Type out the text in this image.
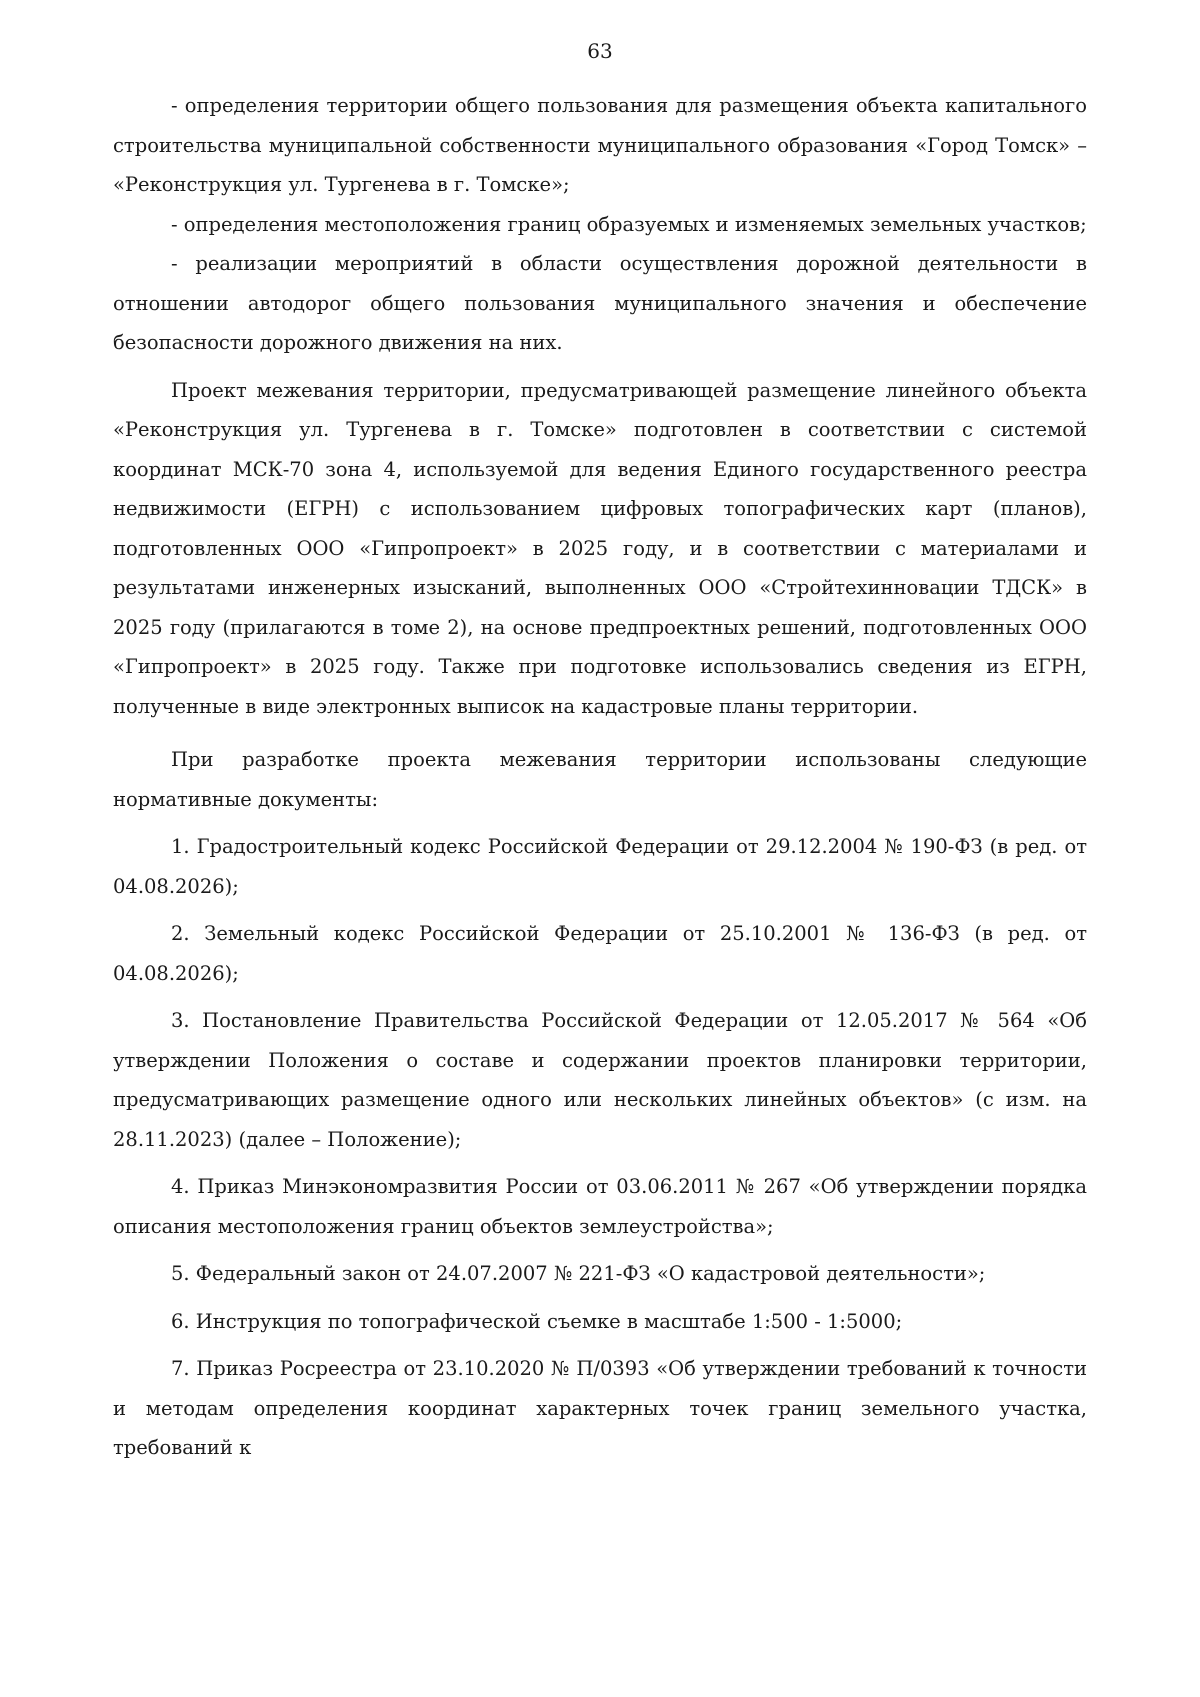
63

- определения территории общего пользования для размещения объекта капитального строительства муниципальной собственности муниципального образования «Город Томск» – «Реконструкция ул. Тургенева в г. Томске»;

- определения местоположения границ образуемых и изменяемых земельных участков;

- реализации мероприятий в области осуществления дорожной деятельности в отношении автодорог общего пользования муниципального значения и обеспечение безопасности дорожного движения на них.

Проект межевания территории, предусматривающей размещение линейного объекта «Реконструкция ул. Тургенева в г. Томске» подготовлен в соответствии с системой координат МСК-70 зона 4, используемой для ведения Единого государственного реестра недвижимости (ЕГРН) с использованием цифровых топографических карт (планов), подготовленных ООО «Гипропроект» в 2025 году, и в соответствии с материалами и результатами инженерных изысканий, выполненных ООО «Стройтехинновации ТДСК» в 2025 году (прилагаются в томе 2), на основе предпроектных решений, подготовленных ООО «Гипропроект» в 2025 году. Также при подготовке использовались сведения из ЕГРН, полученные в виде электронных выписок на кадастровые планы территории.

При разработке проекта межевания территории использованы следующие нормативные документы:

1. Градостроительный кодекс Российской Федерации от 29.12.2004 № 190-ФЗ (в ред. от 04.08.2026);

2. Земельный кодекс Российской Федерации от 25.10.2001 № 136-ФЗ (в ред. от 04.08.2026);

3. Постановление Правительства Российской Федерации от 12.05.2017 № 564 «Об утверждении Положения о составе и содержании проектов планировки территории, предусматривающих размещение одного или нескольких линейных объектов» (с изм. на 28.11.2023) (далее – Положение);

4. Приказ Минэкономразвития России от 03.06.2011 № 267 «Об утверждении порядка описания местоположения границ объектов землеустройства»;

5. Федеральный закон от 24.07.2007 № 221-ФЗ «О кадастровой деятельности»;

6. Инструкция по топографической съемке в масштабе 1:500 - 1:5000;

7. Приказ Росреестра от 23.10.2020 № П/0393 «Об утверждении требований к точности и методам определения координат характерных точек границ земельного участка, требований к
